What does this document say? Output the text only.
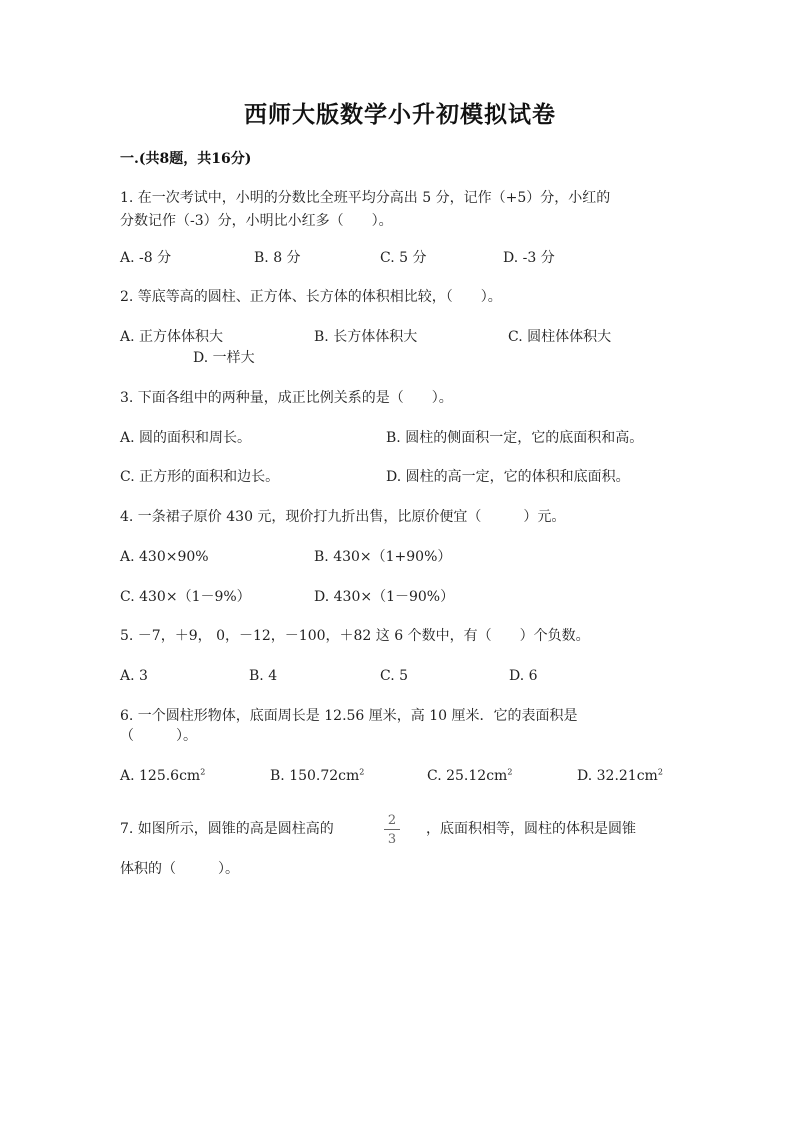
西师大版数学小升初模拟试卷
一.(共8题，共16分)
1. 在一次考试中，小明的分数比全班平均分高出 5 分，记作（+5）分，小红的
分数记作（-3）分，小明比小红多（　　）。
A. -8 分	B. 8 分	C. 5 分	D. -3 分
2. 等底等高的圆柱、正方体、长方体的体积相比较，（　　）。
A. 正方体体积大	B. 长方体体积大	C. 圆柱体体积大
D. 一样大
3. 下面各组中的两种量，成正比例关系的是（　　）。
A. 圆的面积和周长。	B. 圆柱的侧面积一定，它的底面积和高。
C. 正方形的面积和边长。	D. 圆柱的高一定，它的体积和底面积。
4. 一条裙子原价 430 元，现价打九折出售，比原价便宜（　　　）元。
A. 430×90%	B. 430×（1+90%）
C. 430×（1－9%）	D. 430×（1－90%）
5. －7，＋9， 0，－12，－100，＋82 这 6 个数中，有（　　）个负数。
A. 3	B. 4	C. 5	D. 6
6. 一个圆柱形物体，底面周长是 12.56 厘米，高 10 厘米．它的表面积是
（　　　）。
A. $125.6cm^2$	B. $150.72cm^2$	C. $25.12cm^2$	D. $32.21cm^2$
7. 如图所示，圆锥的高是圆柱高的
2
3
，底面积相等，圆柱的体积是圆锥
体积的（　　　）。
